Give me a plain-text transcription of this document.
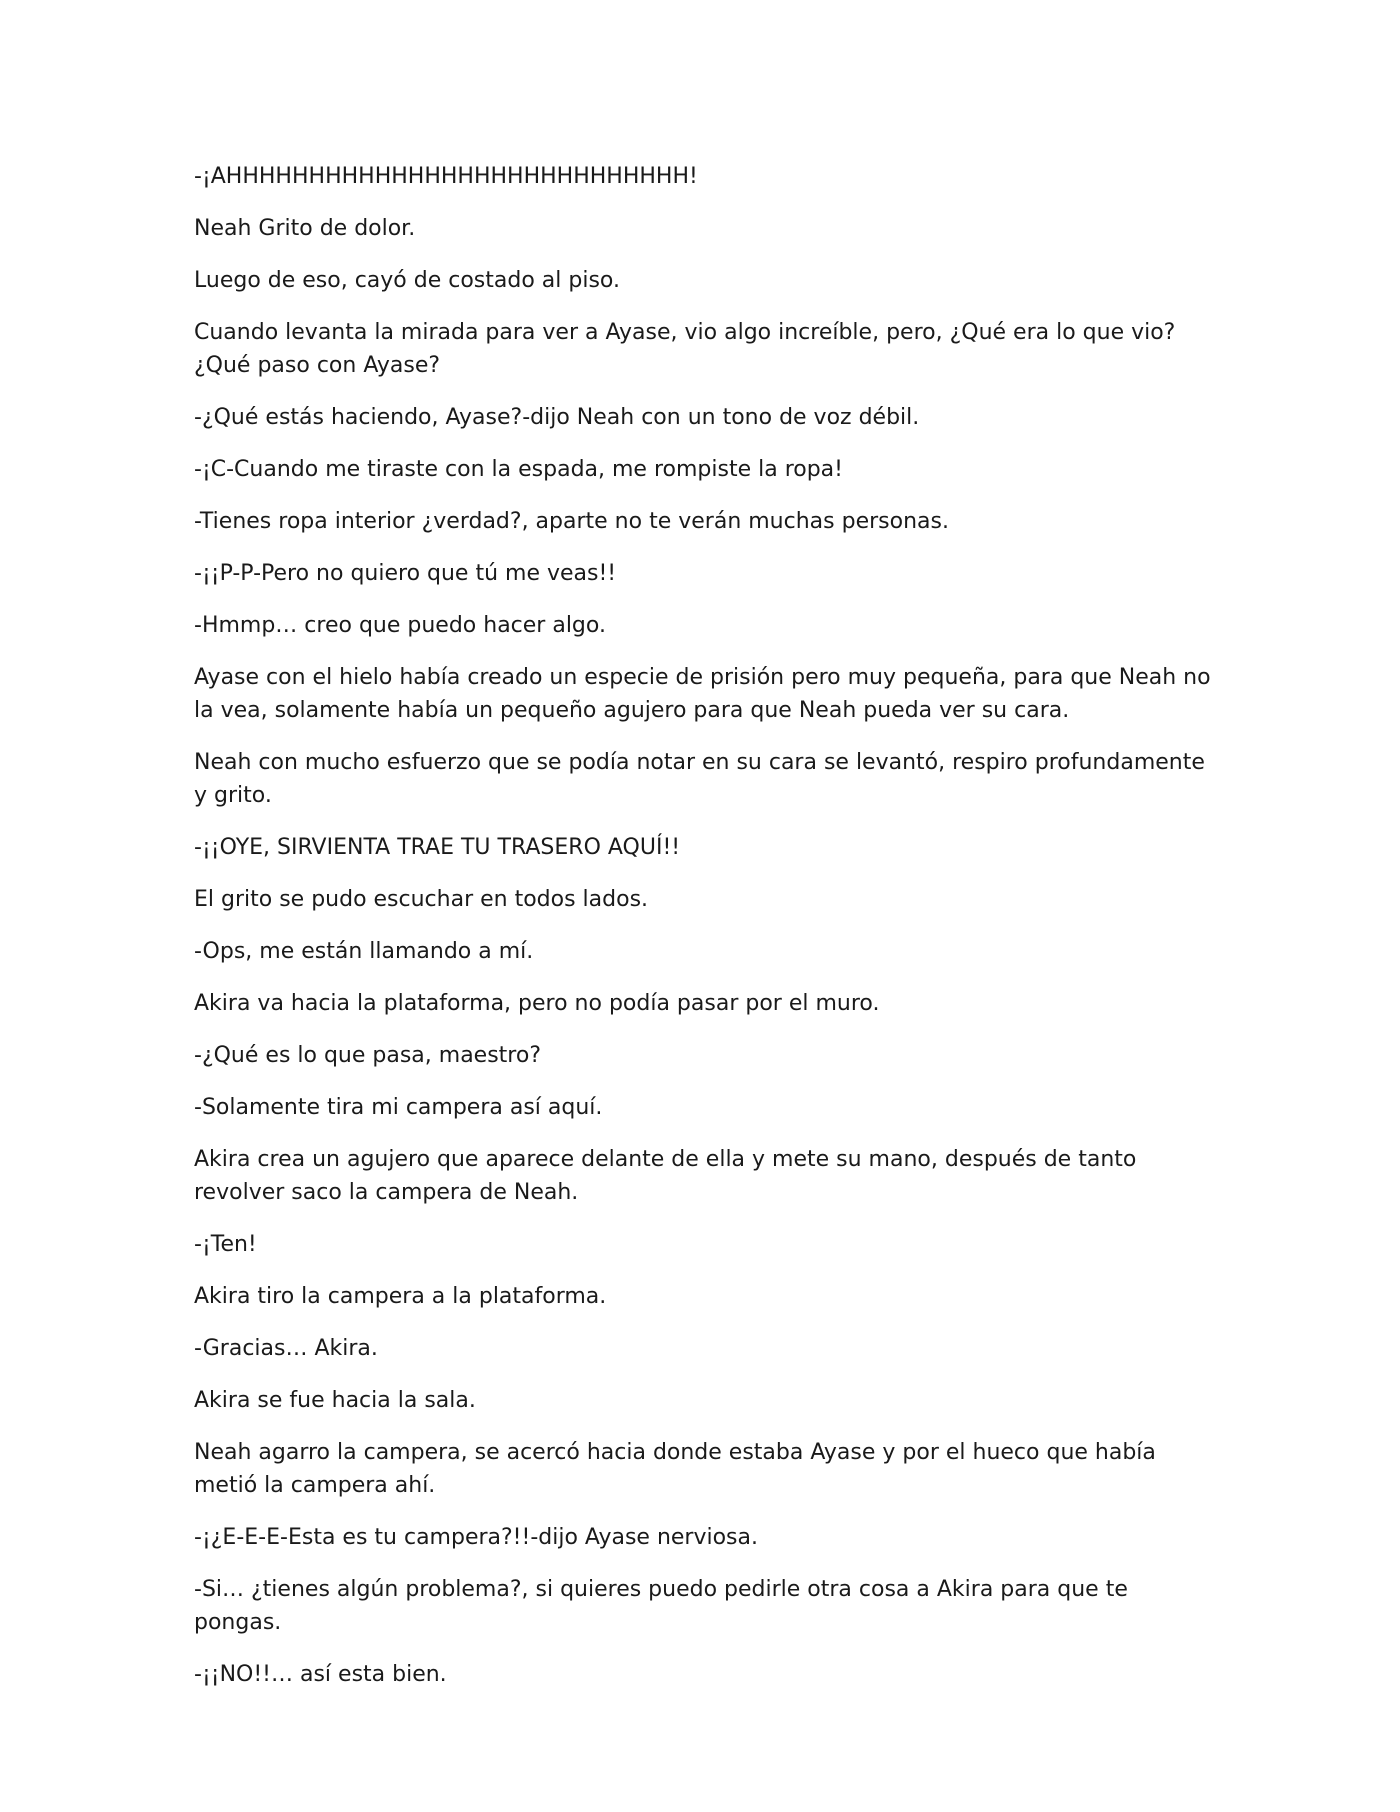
-¡AHHHHHHHHHHHHHHHHHHHHHHHHHHHH!

Neah Grito de dolor.

Luego de eso, cayó de costado al piso.

Cuando levanta la mirada para ver a Ayase, vio algo increíble, pero, ¿Qué era lo que vio? ¿Qué paso con Ayase?

-¿Qué estás haciendo, Ayase?-dijo Neah con un tono de voz débil.

-¡C-Cuando me tiraste con la espada, me rompiste la ropa!

-Tienes ropa interior ¿verdad?, aparte no te verán muchas personas.

-¡¡P-P-Pero no quiero que tú me veas!!

-Hmmp… creo que puedo hacer algo.

Ayase con el hielo había creado un especie de prisión pero muy pequeña, para que Neah no la vea, solamente había un pequeño agujero para que Neah pueda ver su cara.

Neah con mucho esfuerzo que se podía notar en su cara se levantó, respiro profundamente y grito.

-¡¡OYE, SIRVIENTA TRAE TU TRASERO AQUÍ!!

El grito se pudo escuchar en todos lados.

-Ops, me están llamando a mí.

Akira va hacia la plataforma, pero no podía pasar por el muro.

-¿Qué es lo que pasa, maestro?

-Solamente tira mi campera así aquí.

Akira crea un agujero que aparece delante de ella y mete su mano, después de tanto revolver saco la campera de Neah.

-¡Ten!

Akira tiro la campera a la plataforma.

-Gracias… Akira.

Akira se fue hacia la sala.

Neah agarro la campera, se acercó hacia donde estaba Ayase y por el hueco que había metió la campera ahí.

-¡¿E-E-E-Esta es tu campera?!!-dijo Ayase nerviosa.

-Si… ¿tienes algún problema?, si quieres puedo pedirle otra cosa a Akira para que te pongas.

-¡¡NO!!… así esta bien.
